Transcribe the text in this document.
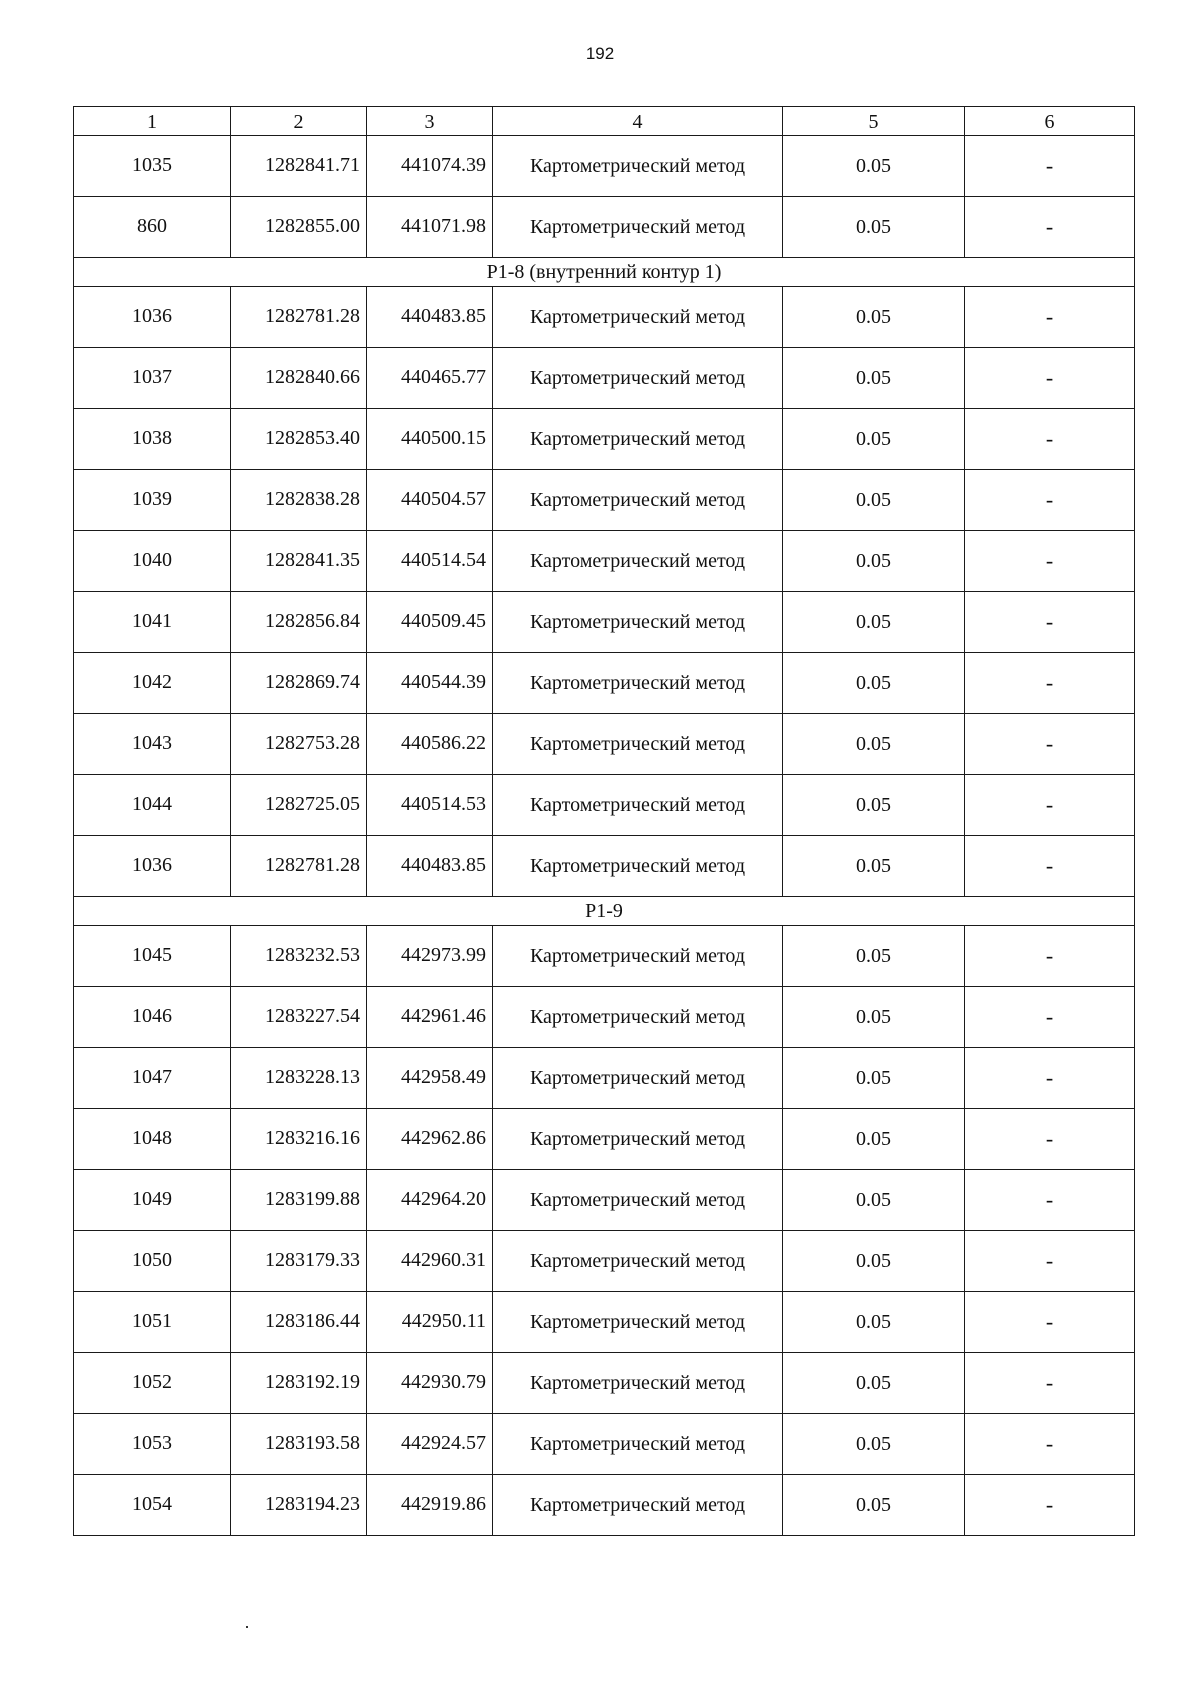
192
1	2	3	4	5	6
1035	1282841.71	441074.39	Картометрический метод	0.05	-
860	1282855.00	441071.98	Картометрический метод	0.05	-
Р1-8 (внутренний контур 1)					
1036	1282781.28	440483.85	Картометрический метод	0.05	-
1037	1282840.66	440465.77	Картометрический метод	0.05	-
1038	1282853.40	440500.15	Картометрический метод	0.05	-
1039	1282838.28	440504.57	Картометрический метод	0.05	-
1040	1282841.35	440514.54	Картометрический метод	0.05	-
1041	1282856.84	440509.45	Картометрический метод	0.05	-
1042	1282869.74	440544.39	Картометрический метод	0.05	-
1043	1282753.28	440586.22	Картометрический метод	0.05	-
1044	1282725.05	440514.53	Картометрический метод	0.05	-
1036	1282781.28	440483.85	Картометрический метод	0.05	-
Р1-9					
1045	1283232.53	442973.99	Картометрический метод	0.05	-
1046	1283227.54	442961.46	Картометрический метод	0.05	-
1047	1283228.13	442958.49	Картометрический метод	0.05	-
1048	1283216.16	442962.86	Картометрический метод	0.05	-
1049	1283199.88	442964.20	Картометрический метод	0.05	-
1050	1283179.33	442960.31	Картометрический метод	0.05	-
1051	1283186.44	442950.11	Картометрический метод	0.05	-
1052	1283192.19	442930.79	Картометрический метод	0.05	-
1053	1283193.58	442924.57	Картометрический метод	0.05	-
1054	1283194.23	442919.86	Картометрический метод	0.05	-
